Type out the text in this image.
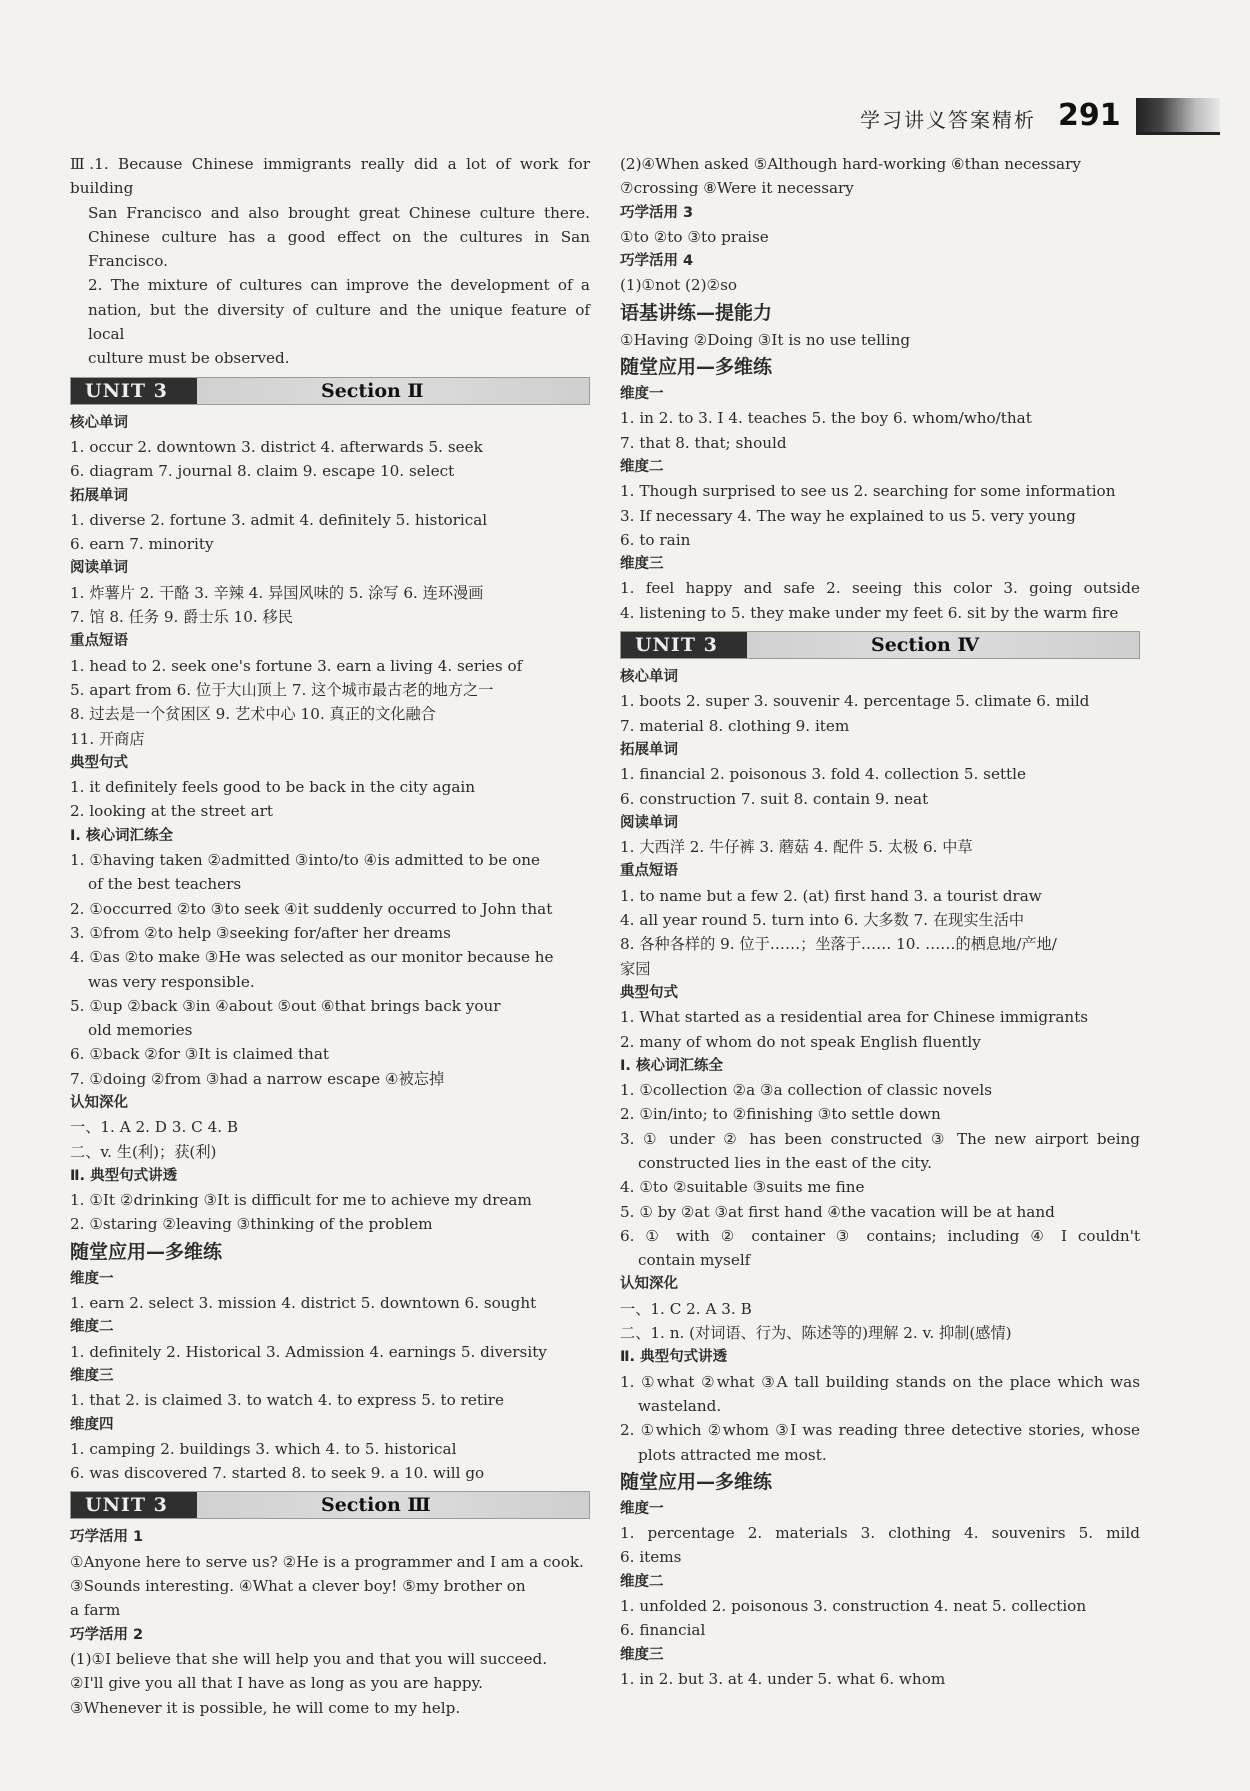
学习讲义答案精析 291
Ⅲ.1. Because Chinese immigrants really did a lot of work for building
San Francisco and also brought great Chinese culture there.
Chinese culture has a good effect on the cultures in San Francisco.
2. The mixture of cultures can improve the development of a
nation, but the diversity of culture and the unique feature of local
culture must be observed.
UNIT 3	Section Ⅱ
核心单词
1. occur 2. downtown 3. district 4. afterwards 5. seek
6. diagram 7. journal 8. claim 9. escape 10. select
拓展单词
1. diverse 2. fortune 3. admit 4. definitely 5. historical
6. earn 7. minority
阅读单词
1. 炸薯片 2. 干酪 3. 辛辣 4. 异国风味的 5. 涂写 6. 连环漫画
7. 馆 8. 任务 9. 爵士乐 10. 移民
重点短语
1. head to 2. seek one's fortune 3. earn a living 4. series of
5. apart from 6. 位于大山顶上 7. 这个城市最古老的地方之一
8. 过去是一个贫困区 9. 艺术中心 10. 真正的文化融合
11. 开商店
典型句式
1. it definitely feels good to be back in the city again
2. looking at the street art
Ⅰ. 核心词汇练全
1. ①having taken ②admitted ③into/to ④is admitted to be one
of the best teachers
2. ①occurred ②to ③to seek ④it suddenly occurred to John that
3. ①from ②to help ③seeking for/after her dreams
4. ①as ②to make ③He was selected as our monitor because he
was very responsible.
5. ①up ②back ③in ④about ⑤out ⑥that brings back your
old memories
6. ①back ②for ③It is claimed that
7. ①doing ②from ③had a narrow escape ④被忘掉
认知深化
一、1. A 2. D 3. C 4. B
二、v. 生(利)；获(利)
Ⅱ. 典型句式讲透
1. ①It ②drinking ③It is difficult for me to achieve my dream
2. ①staring ②leaving ③thinking of the problem
随堂应用—多维练
维度一
1. earn 2. select 3. mission 4. district 5. downtown 6. sought
维度二
1. definitely 2. Historical 3. Admission 4. earnings 5. diversity
维度三
1. that 2. is claimed 3. to watch 4. to express 5. to retire
维度四
1. camping 2. buildings 3. which 4. to 5. historical
6. was discovered 7. started 8. to seek 9. a 10. will go
UNIT 3	Section Ⅲ
巧学活用 1
①Anyone here to serve us? ②He is a programmer and I am a cook.
③Sounds interesting. ④What a clever boy! ⑤my brother on
a farm
巧学活用 2
(1)①I believe that she will help you and that you will succeed.
②I'll give you all that I have as long as you are happy.
③Whenever it is possible, he will come to my help.
(2)④When asked ⑤Although hard-working ⑥than necessary
⑦crossing ⑧Were it necessary
巧学活用 3
①to ②to ③to praise
巧学活用 4
(1)①not (2)②so
语基讲练—提能力
①Having ②Doing ③It is no use telling
随堂应用—多维练
维度一
1. in 2. to 3. I 4. teaches 5. the boy 6. whom/who/that
7. that 8. that; should
维度二
1. Though surprised to see us 2. searching for some information
3. If necessary 4. The way he explained to us 5. very young
6. to rain
维度三
1. feel happy and safe 2. seeing this color 3. going outside
4. listening to 5. they make under my feet 6. sit by the warm fire
UNIT 3	Section Ⅳ
核心单词
1. boots 2. super 3. souvenir 4. percentage 5. climate 6. mild
7. material 8. clothing 9. item
拓展单词
1. financial 2. poisonous 3. fold 4. collection 5. settle
6. construction 7. suit 8. contain 9. neat
阅读单词
1. 大西洋 2. 牛仔裤 3. 蘑菇 4. 配件 5. 太极 6. 中草
重点短语
1. to name but a few 2. (at) first hand 3. a tourist draw
4. all year round 5. turn into 6. 大多数 7. 在现实生活中
8. 各种各样的 9. 位于……；坐落于…… 10. ……的栖息地/产地/
家园
典型句式
1. What started as a residential area for Chinese immigrants
2. many of whom do not speak English fluently
Ⅰ. 核心词汇练全
1. ①collection ②a ③a collection of classic novels
2. ①in/into; to ②finishing ③to settle down
3. ① under ② has been constructed ③ The new airport being
constructed lies in the east of the city.
4. ①to ②suitable ③suits me fine
5. ① by ②at ③at first hand ④the vacation will be at hand
6. ① with ② container ③ contains; including ④ I couldn't
contain myself
认知深化
一、1. C 2. A 3. B
二、1. n. (对词语、行为、陈述等的)理解 2. v. 抑制(感情)
Ⅱ. 典型句式讲透
1. ①what ②what ③A tall building stands on the place which was
wasteland.
2. ①which ②whom ③I was reading three detective stories, whose
plots attracted me most.
随堂应用—多维练
维度一
1. percentage 2. materials 3. clothing 4. souvenirs 5. mild
6. items
维度二
1. unfolded 2. poisonous 3. construction 4. neat 5. collection
6. financial
维度三
1. in 2. but 3. at 4. under 5. what 6. whom
